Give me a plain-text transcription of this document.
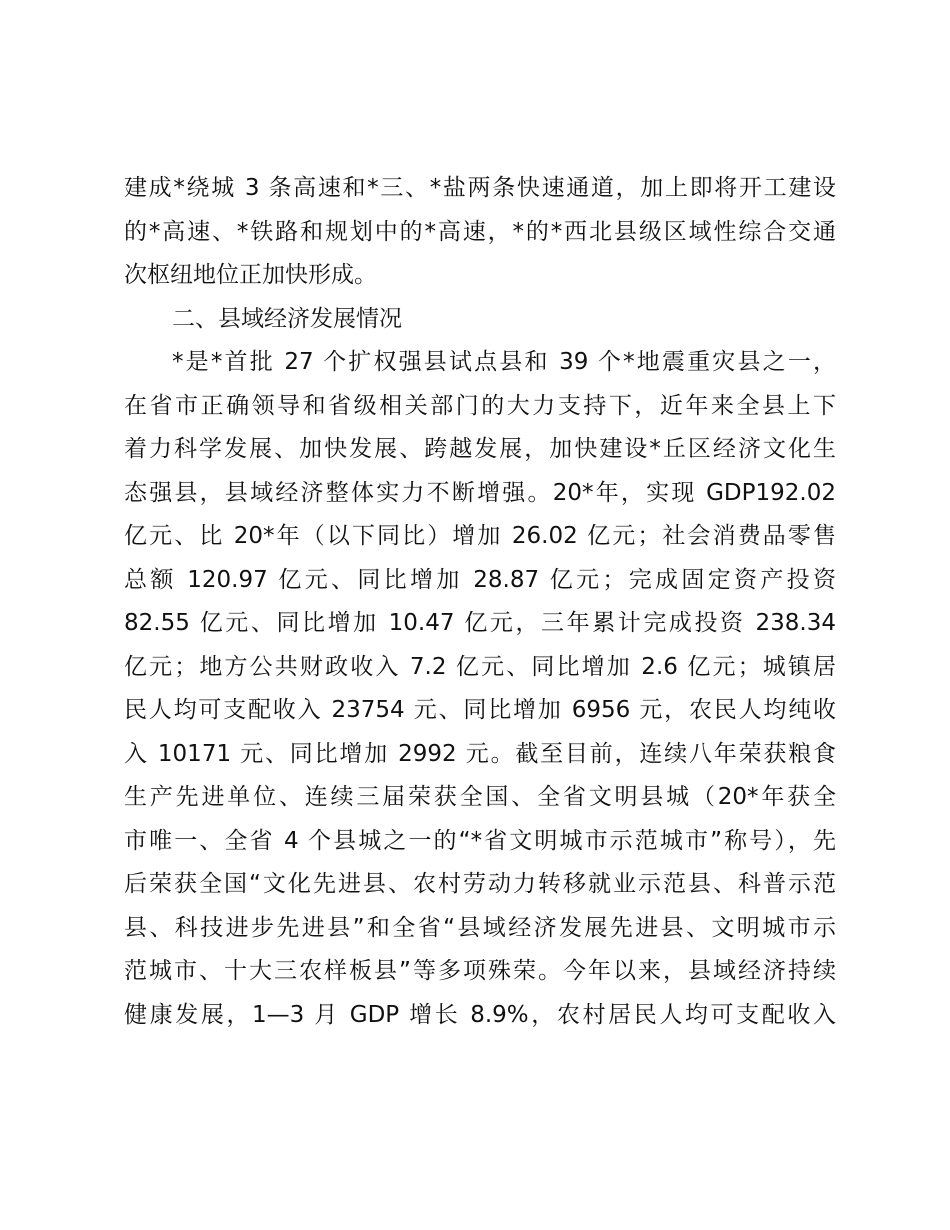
建成*绕城 3 条高速和*三、*盐两条快速通道，加上即将开工建设
的*高速、*铁路和规划中的*高速，*的*西北县级区域性综合交通
次枢纽地位正加快形成。
二、县域经济发展情况
*是*首批 27 个扩权强县试点县和 39 个*地震重灾县之一，
在省市正确领导和省级相关部门的大力支持下，近年来全县上下
着力科学发展、加快发展、跨越发展，加快建设*丘区经济文化生
态强县，县域经济整体实力不断增强。20*年，实现 GDP192.02
亿元、比 20*年（以下同比）增加 26.02 亿元；社会消费品零售
总额 120.97 亿元、同比增加 28.87 亿元；完成固定资产投资
82.55 亿元、同比增加 10.47 亿元，三年累计完成投资 238.34
亿元；地方公共财政收入 7.2 亿元、同比增加 2.6 亿元；城镇居
民人均可支配收入 23754 元、同比增加 6956 元，农民人均纯收
入 10171 元、同比增加 2992 元。截至目前，连续八年荣获粮食
生产先进单位、连续三届荣获全国、全省文明县城（20*年获全
市唯一、全省 4 个县城之一的“*省文明城市示范城市”称号），先
后荣获全国“文化先进县、农村劳动力转移就业示范县、科普示范
县、科技进步先进县”和全省“县域经济发展先进县、文明城市示
范城市、十大三农样板县”等多项殊荣。今年以来，县域经济持续
健康发展，1—3 月 GDP 增长 8.9%，农村居民人均可支配收入
